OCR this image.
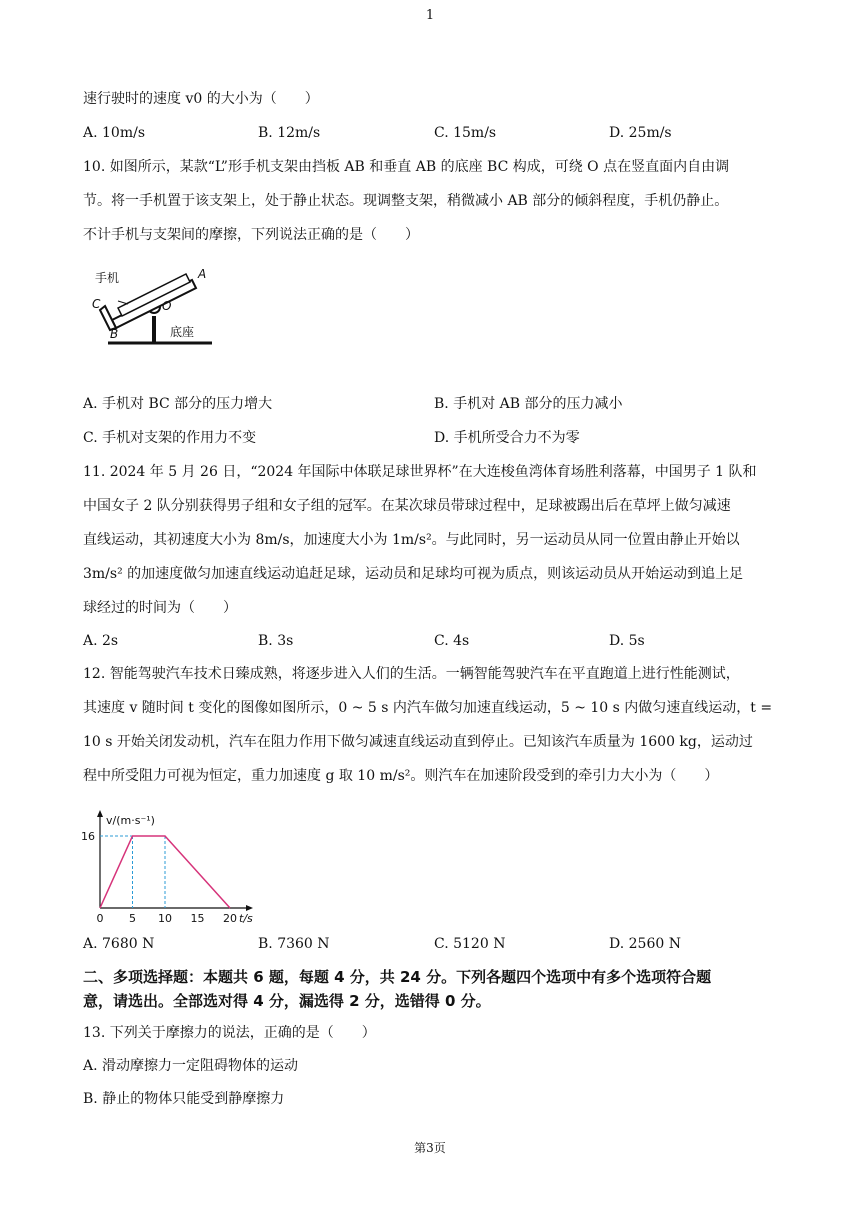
1
速行驶时的速度 v0 的大小为（　　）
A. 10m/s	B. 12m/s	C. 15m/s	D. 25m/s
10. 如图所示，某款“L”形手机支架由挡板 AB 和垂直 AB 的底座 BC 构成，可绕 O 点在竖直面内自由调
节。将一手机置于该支架上，处于静止状态。现调整支架，稍微减小 AB 部分的倾斜程度，手机仍静止。
不计手机与支架间的摩擦，下列说法正确的是（　　）
手机	A
C	O
B	底座
A. 手机对 BC 部分的压力增大	B. 手机对 AB 部分的压力减小
C. 手机对支架的作用力不变	D. 手机所受合力不为零
11. 2024 年 5 月 26 日，“2024 年国际中体联足球世界杯”在大连梭鱼湾体育场胜利落幕，中国男子 1 队和
中国女子 2 队分别获得男子组和女子组的冠军。在某次球员带球过程中，足球被踢出后在草坪上做匀减速
直线运动，其初速度大小为 8m/s，加速度大小为 1m/s²。与此同时，另一运动员从同一位置由静止开始以
3m/s² 的加速度做匀加速直线运动追赶足球，运动员和足球均可视为质点，则该运动员从开始运动到追上足
球经过的时间为（　　）
A. 2s	B. 3s	C. 4s	D. 5s
12. 智能驾驶汽车技术日臻成熟，将逐步进入人们的生活。一辆智能驾驶汽车在平直跑道上进行性能测试，
其速度 v 随时间 t 变化的图像如图所示，0 ~ 5 s 内汽车做匀加速直线运动，5 ~ 10 s 内做匀速直线运动，t =
10 s 开始关闭发动机，汽车在阻力作用下做匀减速直线运动直到停止。已知该汽车质量为 1600 kg，运动过
程中所受阻力可视为恒定，重力加速度 g 取 10 m/s²。则汽车在加速阶段受到的牵引力大小为（　　）
v/(m·s⁻¹)
t/s
0 5 10 15 20
16
A. 7680 N	B. 7360 N	C. 5120 N	D. 2560 N
二、多项选择题：本题共 6 题，每题 4 分，共 24 分。下列各题四个选项中有多个选项符合题
意，请选出。全部选对得 4 分，漏选得 2 分，选错得 0 分。
13. 下列关于摩擦力的说法，正确的是（　　）
A. 滑动摩擦力一定阻碍物体的运动
B. 静止的物体只能受到静摩擦力
第3页
